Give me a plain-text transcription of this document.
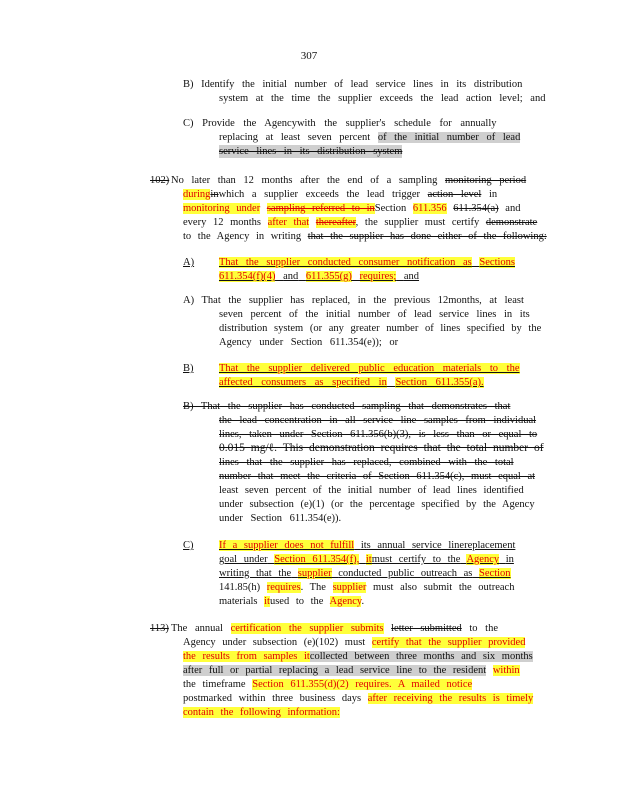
307
B) Identify the initial number of lead service lines in its distribution
system at the time the supplier exceeds the lead action level; and
C) Provide the Agencywith the supplier's schedule for annually
replacing at least seven percent of the initial number of lead
service lines in its distribution system
102) No later than 12 months after the end of a sampling monitoring period
duringinwhich a supplier exceeds the lead trigger action level in
monitoring under sampling referred to inSection 611.356 611.354(a) and
every 12 months after that thereafter, the supplier must certify demonstrate
to the Agency in writing that the supplier has done either of the following:
A) That the supplier conducted consumer notification as Sections
611.354(f)(4) and 611.355(g) requires; and
A) That the supplier has replaced, in the previous 12months, at least
seven percent of the initial number of lead service lines in its
distribution system (or any greater number of lines specified by the
Agency under Section 611.354(e)); or
B) That the supplier delivered public education materials to the
affected consumers as specified in Section 611.355(a).
B) That the supplier has conducted sampling that demonstrates that
the lead concentration in all service line samples from individual
lines, taken under Section 611.356(b)(3), is less than or equal to
0.015 mg/ℓ. This demonstration requires that the total number of
lines that the supplier has replaced, combined with the total
number that meet the criteria of Section 611.354(c), must equal at
least seven percent of the initial number of lead lines identified
under subsection (e)(1) (or the percentage specified by the Agency
under Section 611.354(e)).
C) If a supplier does not fulfill its annual service linereplacement
goal under Section 611.354(f), itmust certify to the Agency in
writing that the supplier conducted public outreach as Section
141.85(h) requires. The supplier must also submit the outreach
materials itused to the Agency.
113) The annual certification the supplier submits letter submitted to the
Agency under subsection (e)(102) must certify that the supplier provided
the results from samples itcollected between three months and six months
after full or partial replacing a lead service line to the resident within
the timeframe Section 611.355(d)(2) requires. A mailed notice
postmarked within three business days after receiving the results is timely
contain the following information:
